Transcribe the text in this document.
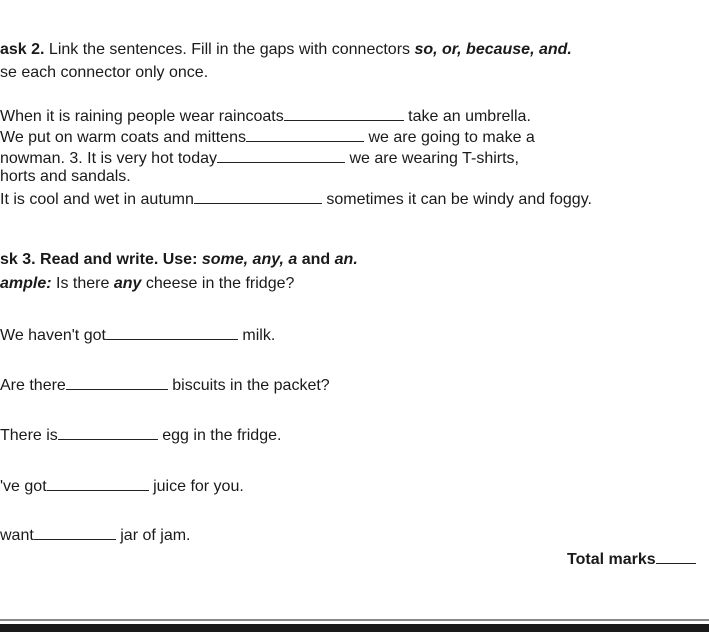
ask 2. Link the sentences. Fill in the gaps with connectors so, or, because, and.
se each connector only once.
When it is raining people wear raincoats	take an umbrella.
We put on warm coats and mittens	we are going to make a
nowman. 3. It is very hot today	we are wearing T-shirts,
horts and sandals.
It is cool and wet in autumn	sometimes it can be windy and foggy.
sk 3. Read and write. Use: some, any, a and an.
ample: Is there any cheese in the fridge?
We haven't got	milk.
Are there	biscuits in the packet?
There is	egg in the fridge.
've got	juice for you.
want	jar of jam.
Total marks
